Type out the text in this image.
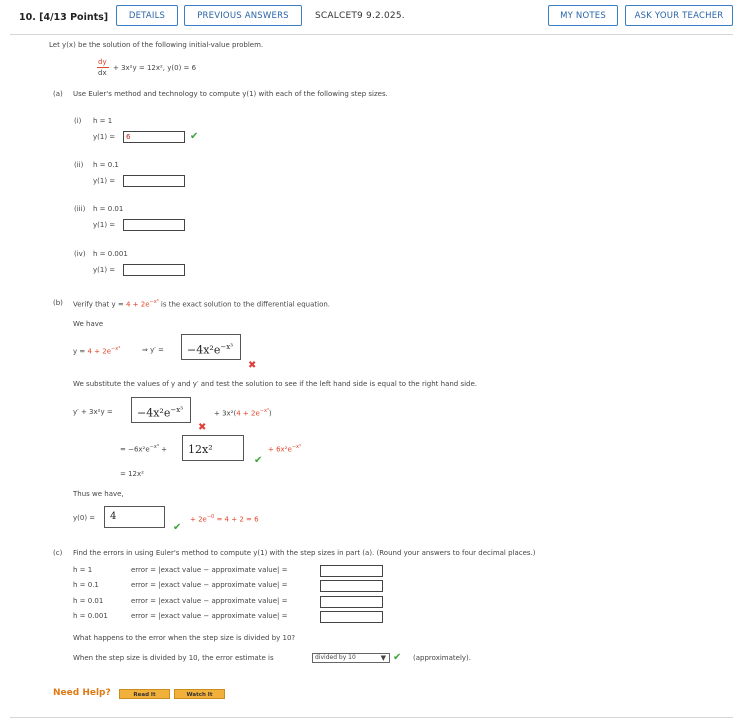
10. [4/13 Points]	DETAILS	PREVIOUS ANSWERS	SCALCET9 9.2.025.	MY NOTES	ASK YOUR TEACHER
Let y(x) be the solution of the following initial-value problem.
dy
dx
+ 3x²y = 12x², y(0) = 6
(a) Use Euler's method and technology to compute y(1) with each of the following step sizes.
(i) h = 1
y(1) =	6	✔
(ii) h = 0.1
y(1) =
(iii) h = 0.01
y(1) =
(iv) h = 0.001
y(1) =
(b) Verify that $y = 4 + 2e^{-x^3}$ is the exact solution to the differential equation.
We have
$y = 4 + 2e^{-x^3}$	⇒ y′ =	$-4x^2e^{-x^3}$
✖
We substitute the values of y and y′ and test the solution to see if the left hand side is equal to the right hand side.
y′ + 3x²y =	$-4x^2e^{-x^3}$	+ $3x^2(4 + 2e^{-x^3})$
✖
= $-6x^2e^{-x^3}$ +	12x²
✔
+ $6x^2e^{-x^3}$
= 12x²
Thus we have,
y(0) =	4
✔
+ $2e^{-0} = 4 + 2 = 6$
(c) Find the errors in using Euler's method to compute y(1) with the step sizes in part (a). (Round your answers to four decimal places.)
h = 1	error = |exact value − approximate value| =
h = 0.1	error = |exact value − approximate value| =
h = 0.01	error = |exact value − approximate value| =
h = 0.001	error = |exact value − approximate value| =
What happens to the error when the step size is divided by 10?
When the step size is divided by 10, the error estimate is	divided by 10	▼ ✔ (approximately).
Need Help?	Read It	Watch It
